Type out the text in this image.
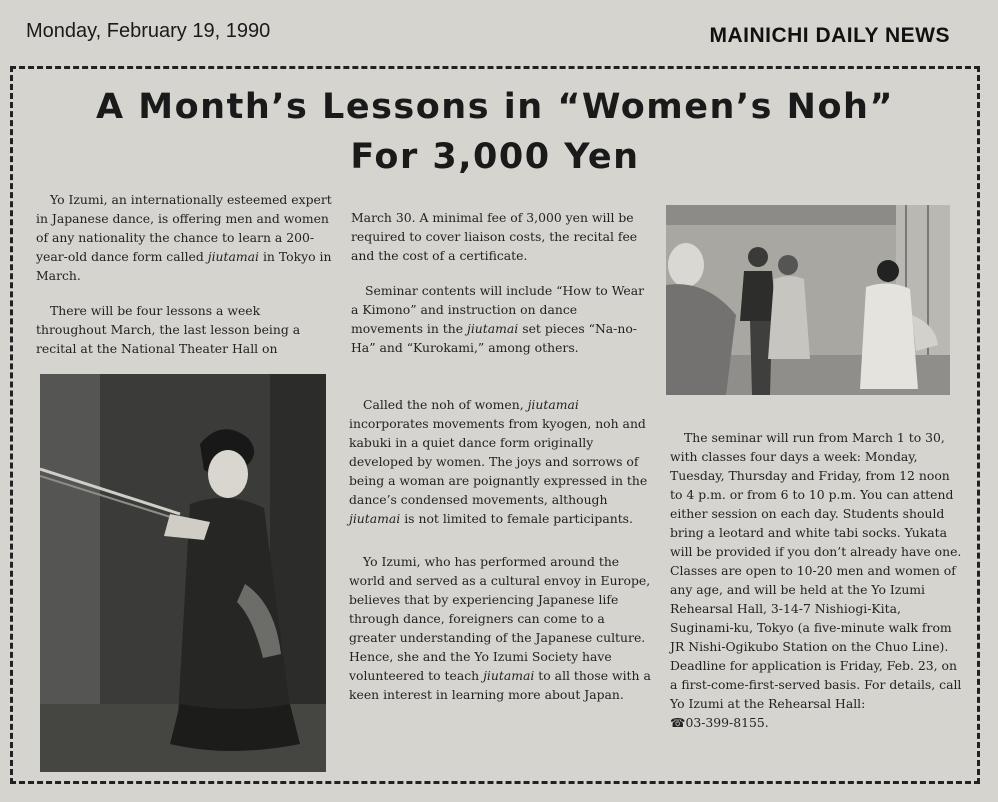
Monday, February 19, 1990	MAINICHI DAILY NEWS
A Month’s Lessons in “Women’s Noh”
For 3,000 Yen

Yo Izumi, an internationally esteemed expert in Japanese dance, is offering men and women of any nationality the chance to learn a 200-year-old dance form called jiutamai in Tokyo in March.

There will be four lessons a week throughout March, the last lesson being a recital at the National Theater Hall on

March 30. A minimal fee of 3,000 yen will be required to cover liaison costs, the recital fee and the cost of a certificate.

Seminar contents will include “How to Wear a Kimono” and instruction on dance movements in the jiutamai set pieces “Na-no-Ha” and “Kurokami,” among others.

Called the noh of women, jiutamai incorporates movements from kyogen, noh and kabuki in a quiet dance form originally developed by women. The joys and sorrows of being a woman are poignantly expressed in the dance’s condensed movements, although jiutamai is not limited to female participants.

Yo Izumi, who has performed around the world and served as a cultural envoy in Europe, believes that by experiencing Japanese life through dance, foreigners can come to a greater understanding of the Japanese culture. Hence, she and the Yo Izumi Society have volunteered to teach jiutamai to all those with a keen interest in learning more about Japan.

The seminar will run from March 1 to 30, with classes four days a week: Monday, Tuesday, Thursday and Friday, from 12 noon to 4 p.m. or from 6 to 10 p.m. You can attend either session on each day. Students should bring a leotard and white tabi socks. Yukata will be provided if you don’t already have one. Classes are open to 10-20 men and women of any age, and will be held at the Yo Izumi Rehearsal Hall, 3-14-7 Nishiogi-Kita, Suginami-ku, Tokyo (a five-minute walk from JR Nishi-Ogikubo Station on the Chuo Line). Deadline for application is Friday, Feb. 23, on a first-come-first-served basis. For details, call Yo Izumi at the Rehearsal Hall:
☎03-399-8155.
